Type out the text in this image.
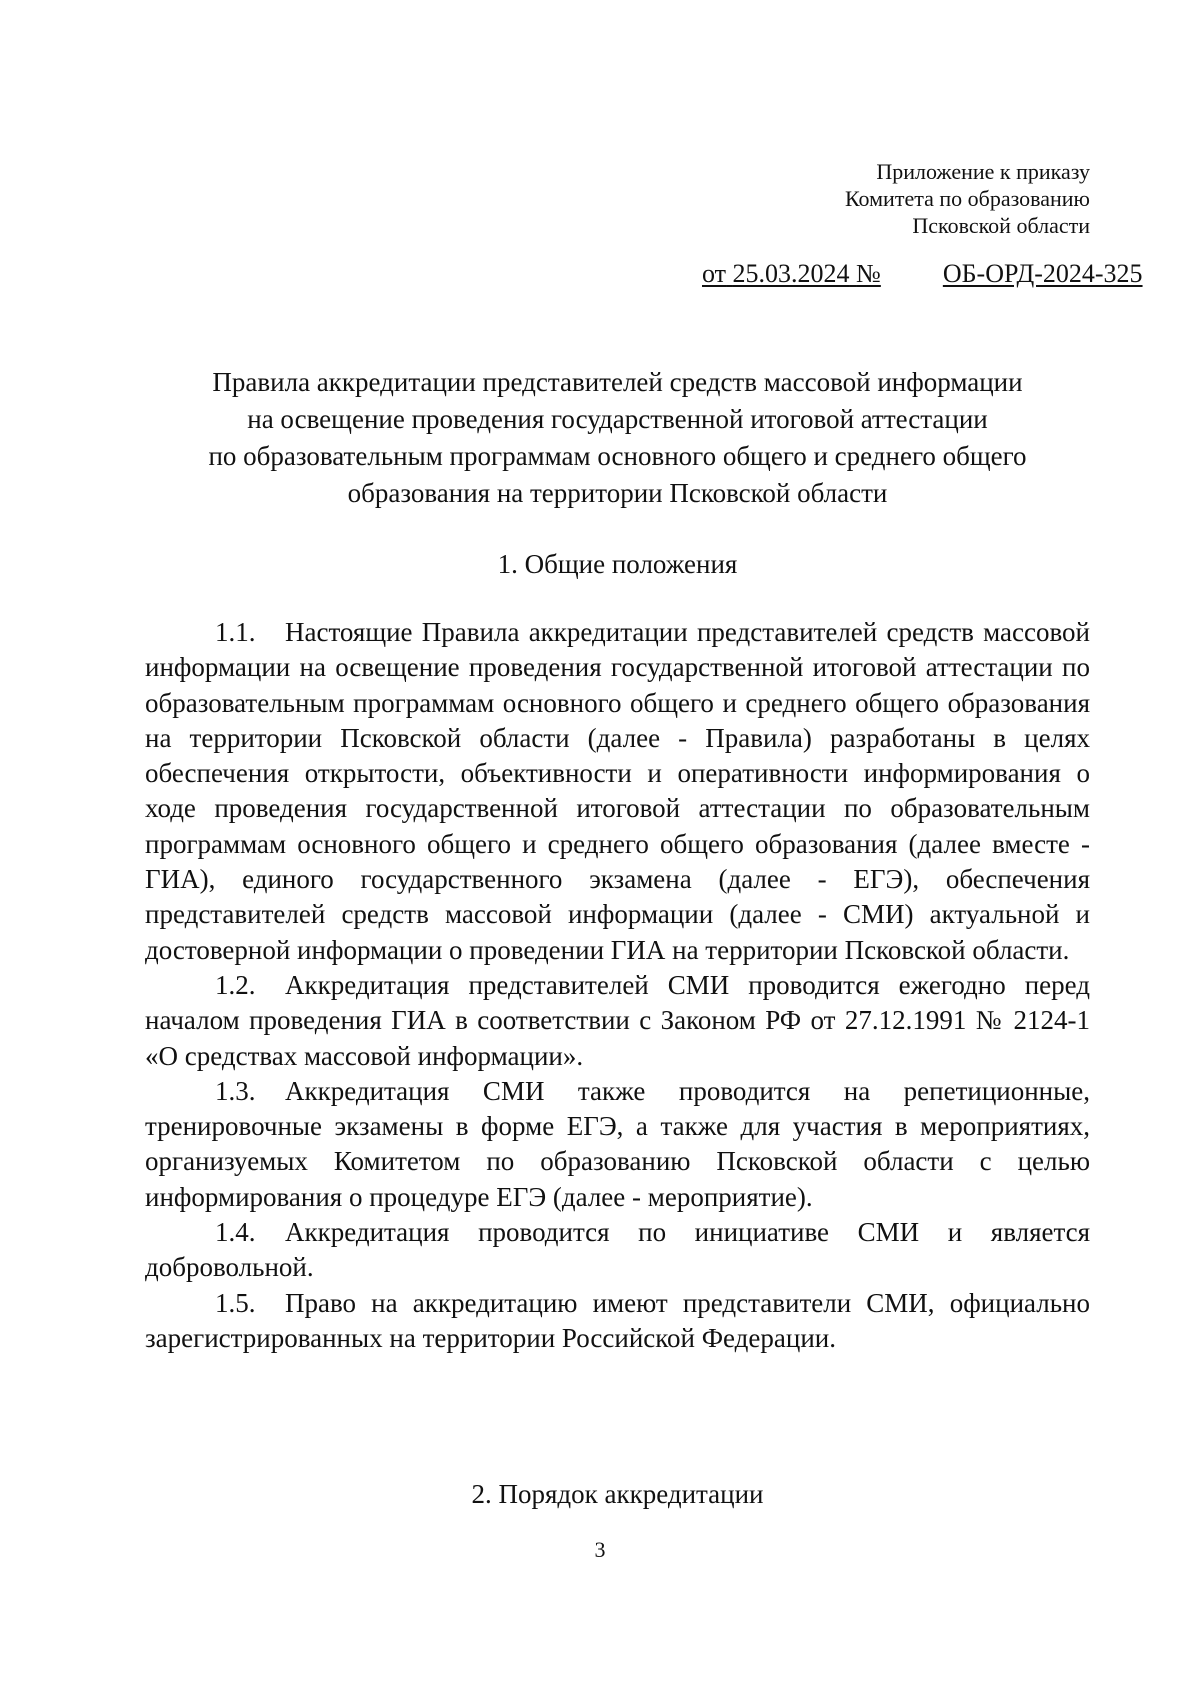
Приложение к приказу
Комитета по образованию
Псковской области
от 25.03.2024 № ОБ-ОРД-2024-325
Правила аккредитации представителей средств массовой информации
на освещение проведения государственной итоговой аттестации
по образовательным программам основного общего и среднего общего
образования на территории Псковской области
1. Общие положения

1.1. Настоящие Правила аккредитации представителей средств массовой информации на освещение проведения государственной итоговой аттестации по образовательным программам основного общего и среднего общего образования на территории Псковской области (далее - Правила) разработаны в целях обеспечения открытости, объективности и оперативности информирования о ходе проведения государственной итоговой аттестации по образовательным программам основного общего и среднего общего образования (далее вместе - ГИА), единого государственного экзамена (далее - ЕГЭ), обеспечения представителей средств массовой информации (далее - СМИ) актуальной и достоверной информации о проведении ГИА на территории Псковской области.

1.2. Аккредитация представителей СМИ проводится ежегодно перед началом проведения ГИА в соответствии с Законом РФ от 27.12.1991 № 2124-1 «О средствах массовой информации».

1.3. Аккредитация СМИ также проводится на репетиционные, тренировочные экзамены в форме ЕГЭ, а также для участия в мероприятиях, организуемых Комитетом по образованию Псковской области с целью информирования о процедуре ЕГЭ (далее - мероприятие).

1.4. Аккредитация проводится по инициативе СМИ и является добровольной.

1.5. Право на аккредитацию имеют представители СМИ, официально зарегистрированных на территории Российской Федерации.

2. Порядок аккредитации
3
